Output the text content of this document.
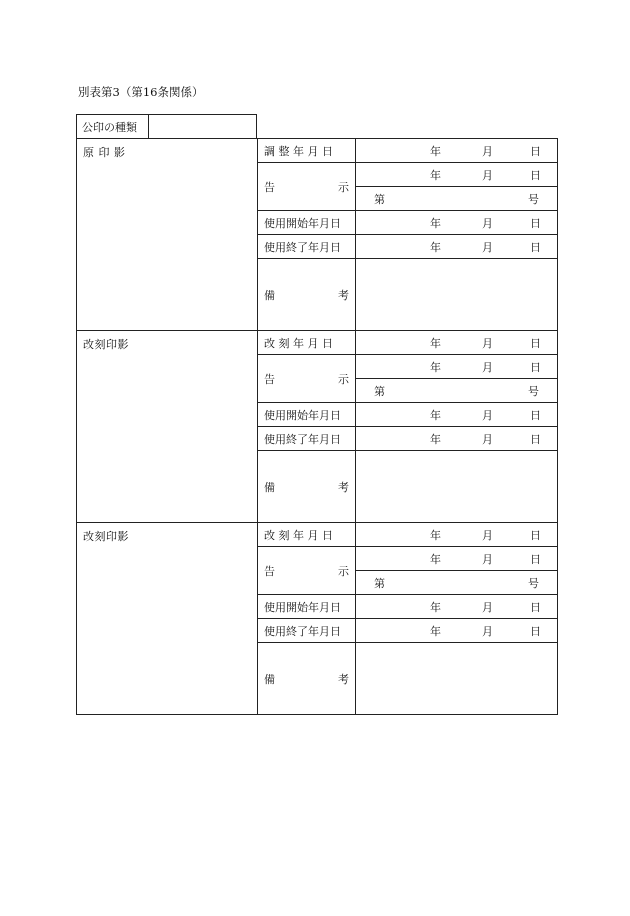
別表第3（第16条関係）
公印の種類
原 印 影	調 整 年 月 日	年 月 日

	告 示	年 月 日

		第 号

	使用開始年月日	年 月 日

	使用終了年月日	年 月 日

	備 考	

改刻印影	改 刻 年 月 日	年 月 日

	告 示	年 月 日

		第 号

	使用開始年月日	年 月 日

	使用終了年月日	年 月 日

	備 考	

改刻印影	改 刻 年 月 日	年 月 日

	告 示	年 月 日

		第 号

	使用開始年月日	年 月 日

	使用終了年月日	年 月 日

	備 考	
